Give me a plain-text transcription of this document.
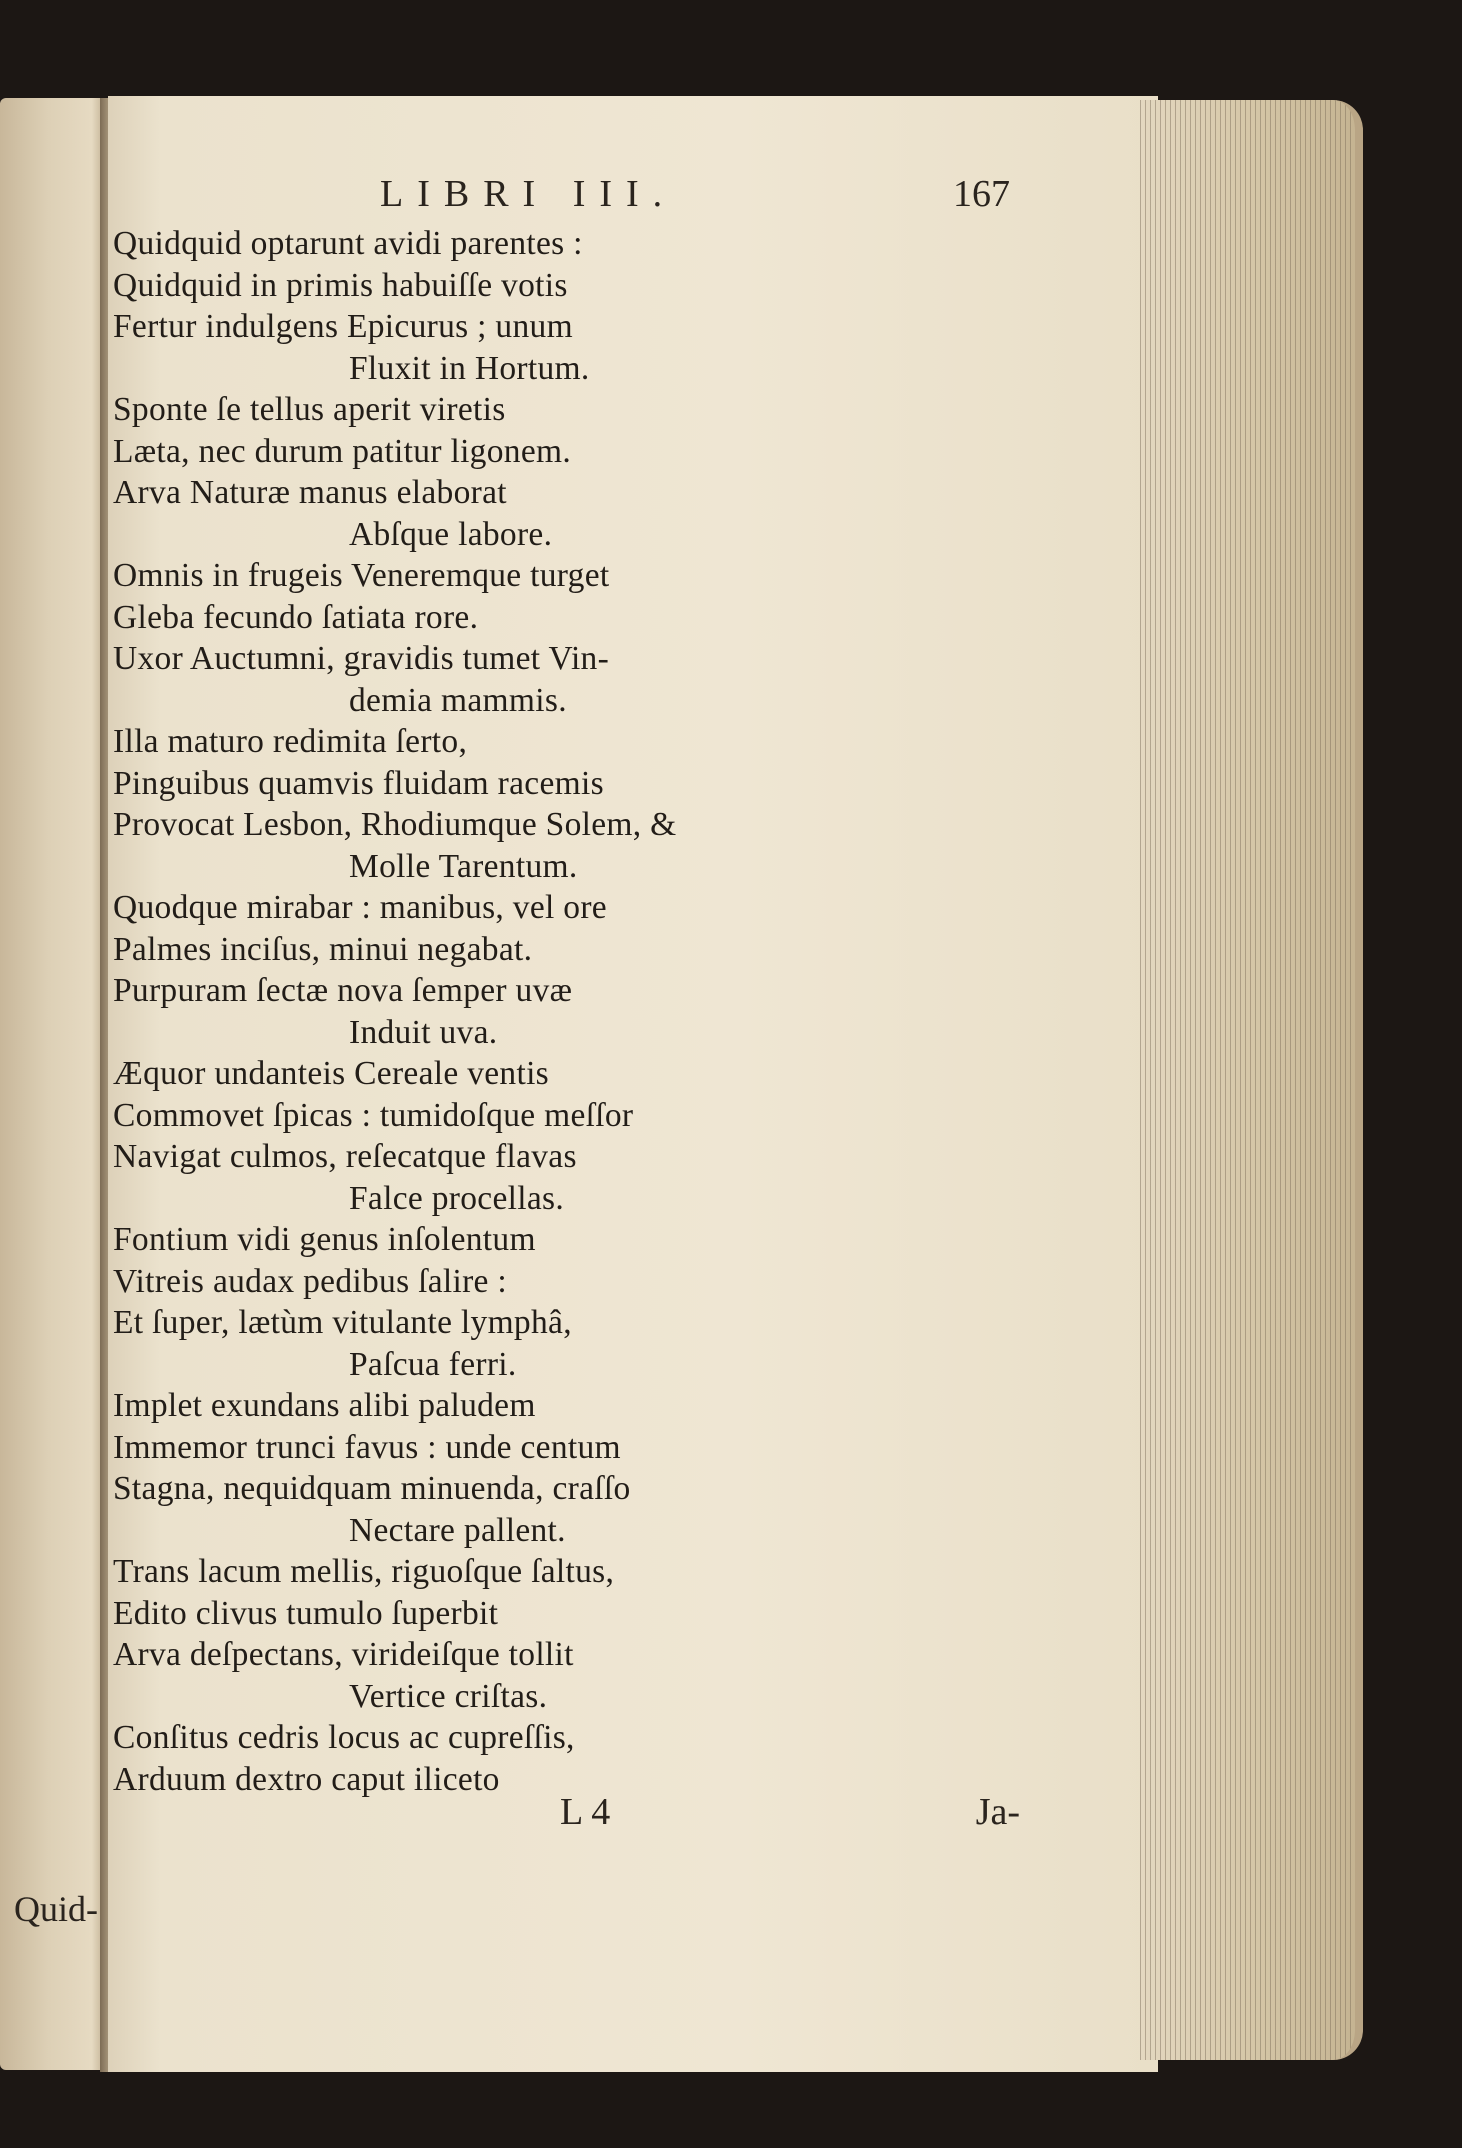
Quid-
LIBRI III.	167
Quidquid optarunt avidi parentes :
Quidquid in primis habuiſſe votis
Fertur indulgens Epicurus ; unum
Fluxit in Hortum.
Sponte ſe tellus aperit viretis
Læta, nec durum patitur ligonem.
Arva Naturæ manus elaborat
Abſque labore.
Omnis in frugeis Veneremque turget
Gleba fecundo ſatiata rore.
Uxor Auctumni, gravidis tumet Vin-
demia mammis.
Illa maturo redimita ſerto,
Pinguibus quamvis fluidam racemis
Provocat Lesbon, Rhodiumque Solem, &
Molle Tarentum.
Quodque mirabar : manibus, vel ore
Palmes inciſus, minui negabat.
Purpuram ſectæ nova ſemper uvæ
Induit uva.
Æquor undanteis Cereale ventis
Commovet ſpicas : tumidoſque meſſor
Navigat culmos, reſecatque flavas
Falce procellas.
Fontium vidi genus inſolentum
Vitreis audax pedibus ſalire :
Et ſuper, lætùm vitulante lymphâ,
Paſcua ferri.
Implet exundans alibi paludem
Immemor trunci favus : unde centum
Stagna, nequidquam minuenda, craſſo
Nectare pallent.
Trans lacum mellis, riguoſque ſaltus,
Edito clivus tumulo ſuperbit
Arva deſpectans, virideiſque tollit
Vertice criſtas.
Conſitus cedris locus ac cupreſſis,
Arduum dextro caput iliceto
L 4	Ja-
